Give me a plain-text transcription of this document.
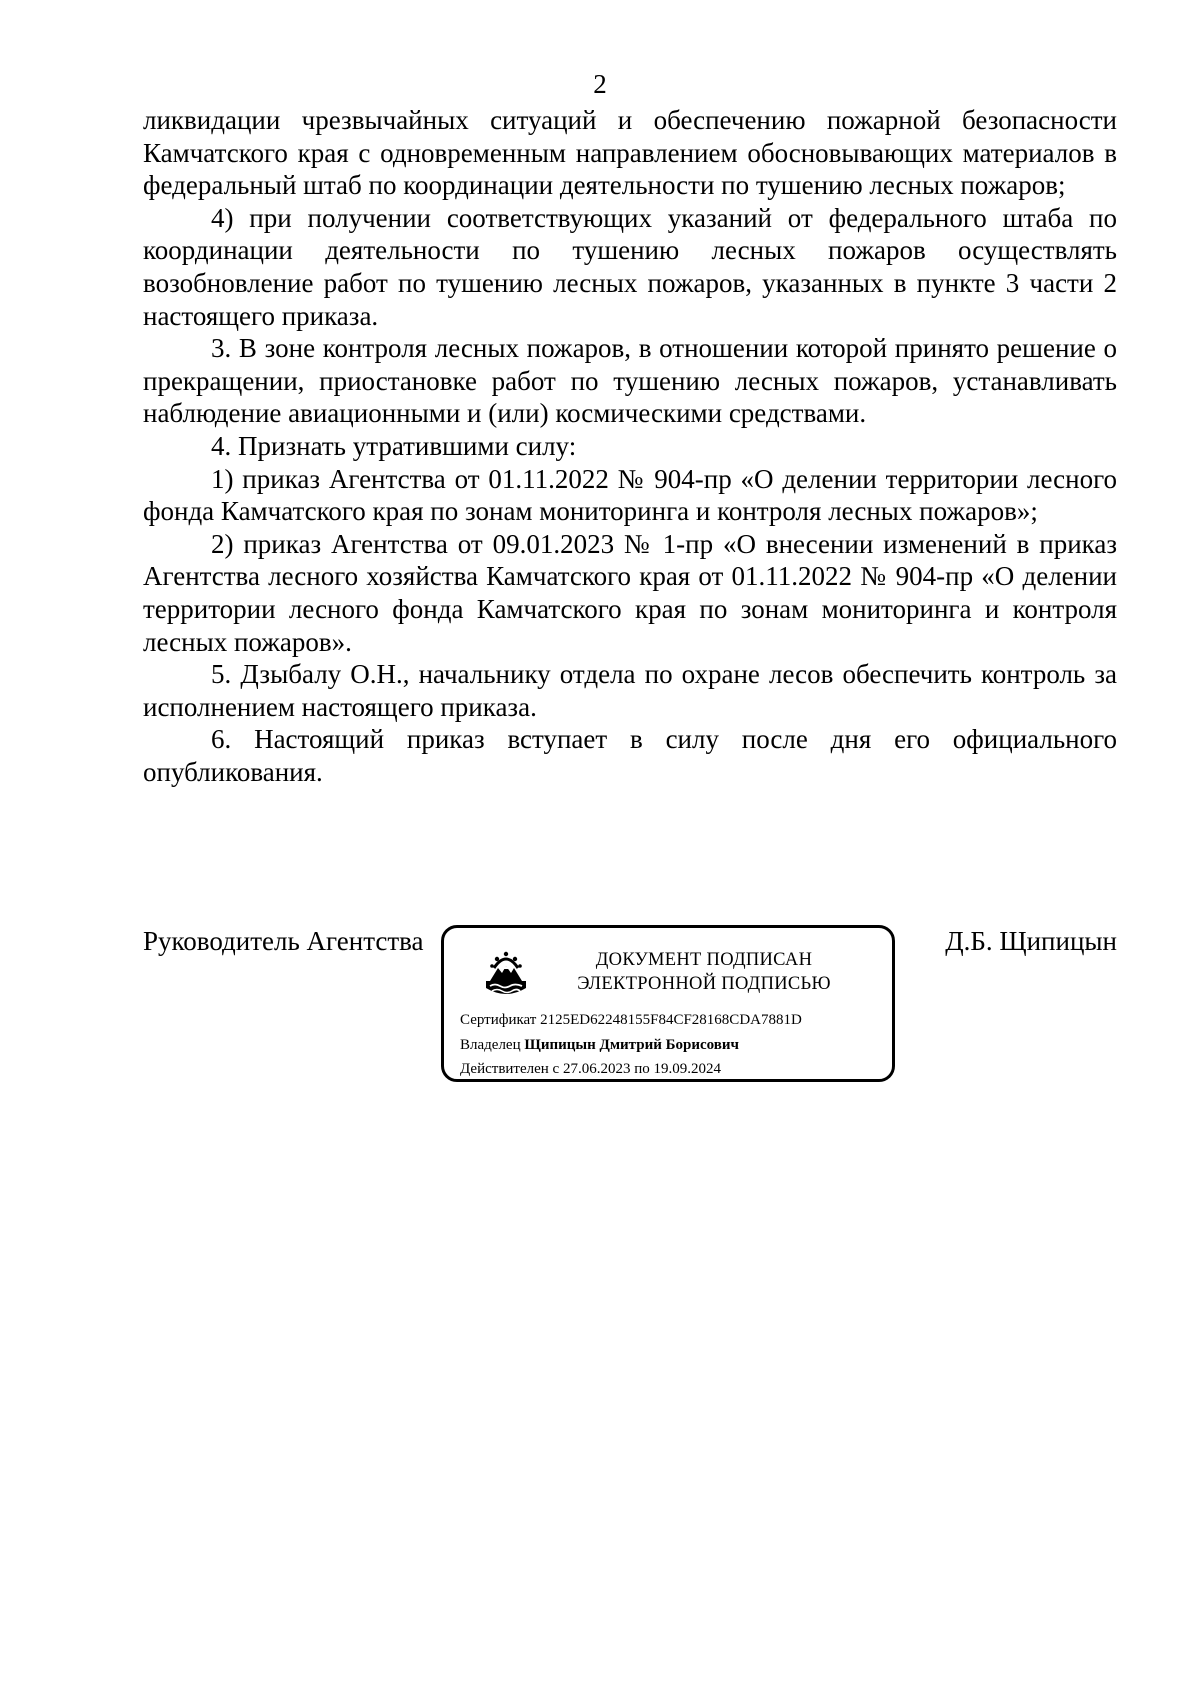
2

ликвидации чрезвычайных ситуаций и обеспечению пожарной безопасности Камчатского края с одновременным направлением обосновывающих материалов в федеральный штаб по координации деятельности по тушению лесных пожаров;

4) при получении соответствующих указаний от федерального штаба по координации деятельности по тушению лесных пожаров осуществлять возобновление работ по тушению лесных пожаров, указанных в пункте 3 части 2 настоящего приказа.

3. В зоне контроля лесных пожаров, в отношении которой принято решение о прекращении, приостановке работ по тушению лесных пожаров, устанавливать наблюдение авиационными и (или) космическими средствами.

4. Признать утратившими силу:

1) приказ Агентства от 01.11.2022 № 904-пр «О делении территории лесного фонда Камчатского края по зонам мониторинга и контроля лесных пожаров»;

2) приказ Агентства от 09.01.2023 № 1-пр «О внесении изменений в приказ Агентства лесного хозяйства Камчатского края от 01.11.2022 № 904-пр «О делении территории лесного фонда Камчатского края по зонам мониторинга и контроля лесных пожаров».

5. Дзыбалу О.Н., начальнику отдела по охране лесов обеспечить контроль за исполнением настоящего приказа.

6. Настоящий приказ вступает в силу после дня его официального опубликования.

Руководитель Агентства	Д.Б. Щипицын
ДОКУМЕНТ ПОДПИСАН
ЭЛЕКТРОННОЙ ПОДПИСЬЮ
Сертификат 2125ED62248155F84CF28168CDA7881D
Владелец Щипицын Дмитрий Борисович
Действителен с 27.06.2023 по 19.09.2024
